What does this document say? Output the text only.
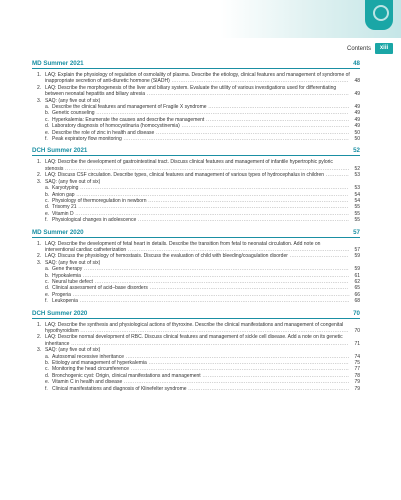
Contents	xiii
MD Summer 2021	48
1. LAQ: Explain the physiology of regulation of osmolality of plasma. Describe the etiology, clinical features and management of syndrome of inappropriate secretion of anti-diuretic hormone (SIADH) ................................................................................................... 48
2. LAQ: Describe the morphogenesis of the liver and biliary system. Evaluate the utility of various investigations used for differentiating between neonatal hepatitis and biliary atresia ................................................................................................................. 49
3. SAQ: (any five out of six)
a. Describe the clinical features and management of Fragile X syndrome ............................................................................... 49
b. Genetic counseling ............................................................................................................................................. 49
c. Hyperkalemia: Enumerate the causes and describe the management ................................................................................ 49
d. Laboratory diagnosis of homocystinuria (homocystinemia) .............................................................................................. 49
e. Describe the role of zinc in health and disease ............................................................................................................ 50
f. Peak expiratory flow monitoring .............................................................................................................................. 50
DCH Summer 2021	52
1. LAQ: Describe the development of gastrointestinal tract. Discuss clinical features and management of infantile hypertrophic pyloric stenosis ............................................................................................................................................................... 52
2. LAQ: Discuss CSF circulation. Describe types, clinical features and management of various types of hydrocephalus in children ............. 53
3. SAQ: (any five out of six)
a. Karyotyping ...................................................................................................................................................... 53
b. Anion gap ........................................................................................................................................................	54
c. Physiology of thermoregulation in newborn ................................................................................................................ 54
d. Trisomy 21 .......................................................................................................................................................	55
e. Vitamin D ......................................................................................................................................................... 55
f. Physiological changes in adolescence ...................................................................................................................... 55
MD Summer 2020	57
1. LAQ: Describe the development of fetal heart in details. Describe the transition from fetal to neonatal circulation. Add note on interventional cardiac catheterization ............................................................................................................................ 57
2. LAQ: Discuss the physiology of hemostasis. Discuss the evaluation of child with bleeding/coagulation disorder ................................. 59
3. SAQ: (any five out of six)
a. Gene therapy .................................................................................................................................................... 59
b. Hypokalemia ..................................................................................................................................................... 61
c. Neural tube defect .............................................................................................................................................. 62
d. Clinical assessment of acid–base disorders ...............................................................................................................	65
e. Progeria ........................................................................................................................................................... 66
f. Leukopenia ....................................................................................................................................................... 68
DCH Summer 2020	70
1. LAQ: Describe the synthesis and physiological actions of thyroxine. Describe the clinical manifestations and management of congenital hypothyroidism ...................................................................................................................................................... 70
2. LAQ: Describe normal development of RBC. Discuss clinical features and management of sickle cell disease. Add a note on its genetic inheritance ........................................................................................................................................................... 71
3. SAQ: (any five out of six)
a. Autosomal recessive inheritance ............................................................................................................................. 74
b. Etiology and management of hyperkalemia ................................................................................................................ 75
c. Monitoring the head circumference .......................................................................................................................... 77
d. Bronchogenic cyst: Origin, clinical manifestations and management .................................................................................. 78
e. Vitamin C in health and disease .............................................................................................................................. 79
f. Clinical manifestations and diagnosis of Klinefelter syndrome .......................................................................................... 79
